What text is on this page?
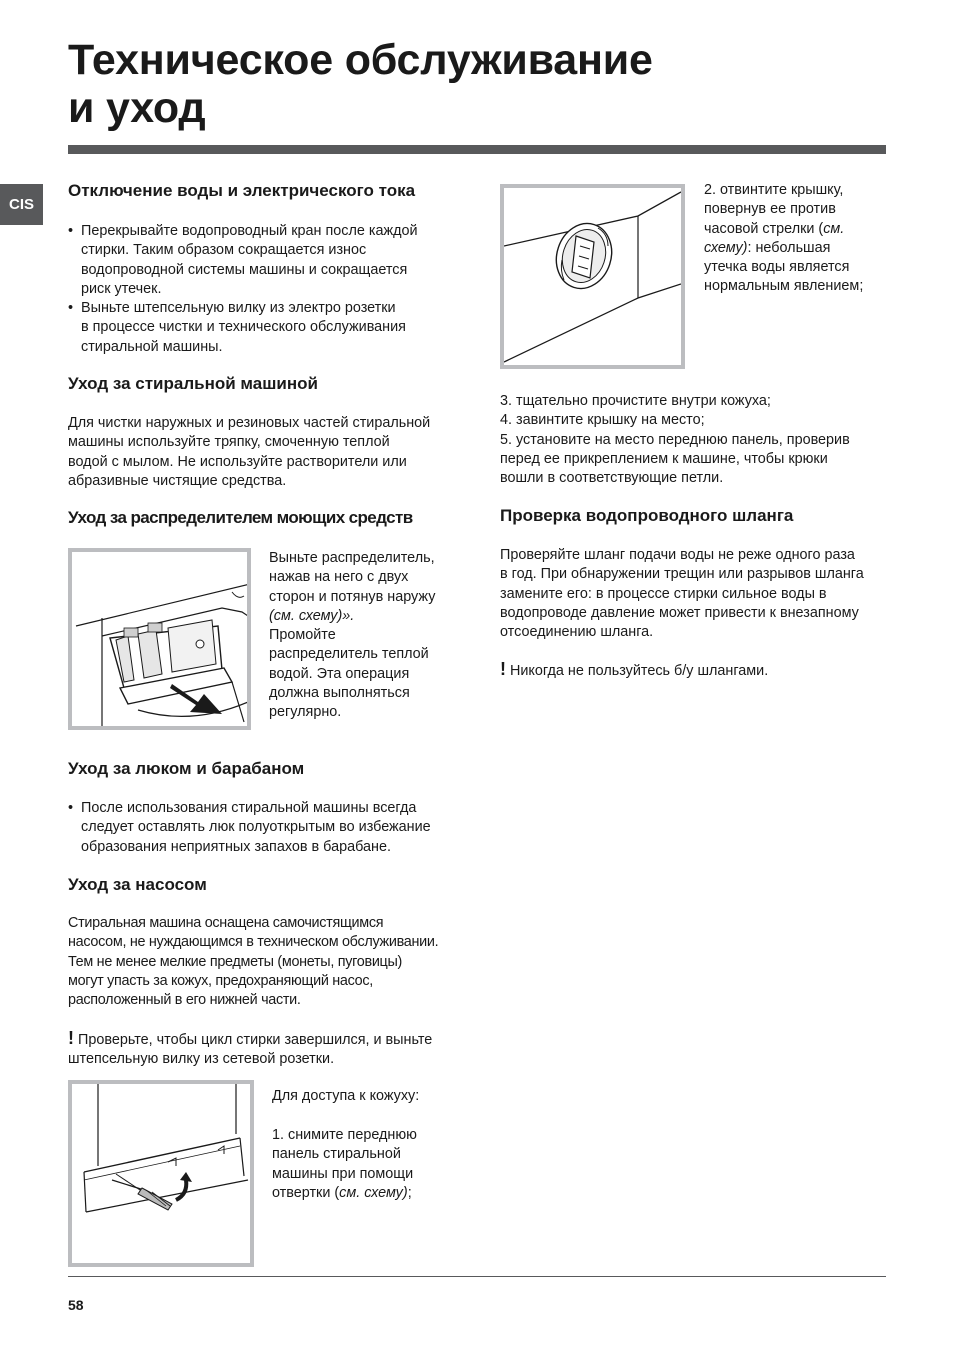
Техническое обслуживание
и уход
CIS
Отключение воды и электрического тока
• Перекрывайте водопроводный кран после каждой
стирки. Таким образом сокращается износ
водопроводной системы машины и сокращается
риск утечек.
• Выньте штепсельную вилку из электро розетки
в процессе чистки и технического обслуживания
стиральной машины.
Уход за стиральной машиной

Для чистки наружных и резиновых частей стиральной
машины используйте тряпку, смоченную теплой
водой с мылом. Не используйте растворители или
абразивные чистящие средства.

Уход за распределителем моющих средств

Выньте распределитель,
нажав на него с двух
сторон и потянув наружу
(см. схему)».
Промойте
распределитель теплой
водой. Эта операция
должна выполняться
регулярно.

Уход за люком и барабаном
• После использования стиральной машины всегда
следует оставлять люк полуоткрытым во избежание
образования неприятных запахов в барабане.
Уход за насосом

Стиральная машина оснащена самочистящимся
насосом, не нуждающимся в техническом обслуживании.
Тем не менее мелкие предметы (монеты, пуговицы)
могут упасть за кожух, предохраняющий насос,
расположенный в его нижней части.

! Проверьте, чтобы цикл стирки завершился, и выньте
штепсельную вилку из сетевой розетки.

Для доступа к кожуху:

1. снимите переднюю
панель стиральной
машины при помощи
отвертки (см. схему);

2. отвинтите крышку,
повернув ее против
часовой стрелки (см.
схему): небольшая
утечка воды является
нормальным явлением;

3. тщательно прочистите внутри кожуха;
4. завинтите крышку на место;
5. установите на место переднюю панель, проверив
перед ее прикреплением к машине, чтобы крюки
вошли в соответствующие петли.

Проверка водопроводного шланга

Проверяйте шланг подачи воды не реже одного раза
в год. При обнаружении трещин или разрывов шланга
замените его: в процессе стирки сильное воды в
водопроводе давление может привести к внезапному
отсоединению шланга.

! Никогда не пользуйтесь б/у шлангами.

58
